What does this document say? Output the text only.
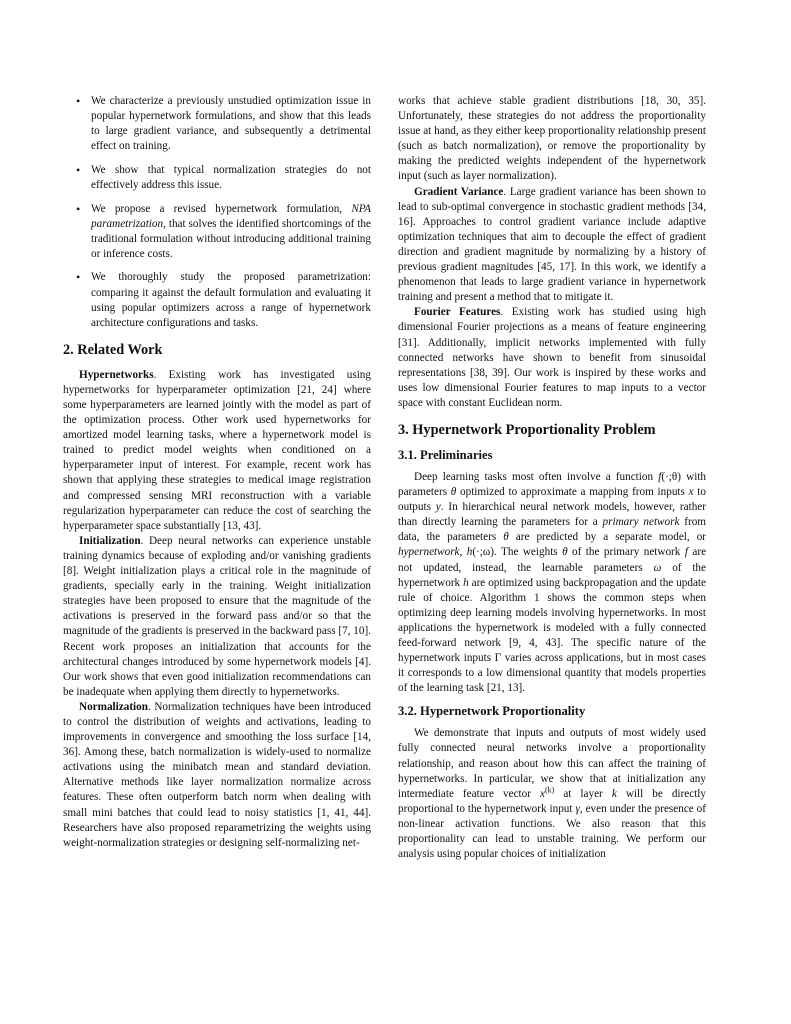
• We characterize a previously unstudied optimization issue in popular hypernetwork formulations, and show that this leads to large gradient variance, and subsequently a detrimental effect on training.
• We show that typical normalization strategies do not effectively address this issue.
• We propose a revised hypernetwork formulation, NPA parametrization, that solves the identified shortcomings of the traditional formulation without introducing additional training or inference costs.
• We thoroughly study the proposed parametrization: comparing it against the default formulation and evaluating it using popular optimizers across a range of hypernetwork architecture configurations and tasks.
2. Related Work

Hypernetworks. Existing work has investigated using hypernetworks for hyperparameter optimization [21, 24] where some hyperparameters are learned jointly with the model as part of the optimization process. Other work used hypernetworks for amortized model learning tasks, where a hypernetwork model is trained to predict model weights when conditioned on a hyperparameter input of interest. For example, recent work has shown that applying these strategies to medical image registration and compressed sensing MRI reconstruction with a variable regularization hyperparameter can reduce the cost of searching the hyperparameter space substantially [13, 43].

Initialization. Deep neural networks can experience unstable training dynamics because of exploding and/or vanishing gradients [8]. Weight initialization plays a critical role in the magnitude of gradients, specially early in the training. Weight initialization strategies have been proposed to ensure that the magnitude of the activations is preserved in the forward pass and/or so that the magnitude of the gradients is preserved in the backward pass [7, 10]. Recent work proposes an initialization that accounts for the architectural changes introduced by some hypernetwork models [4]. Our work shows that even good initialization recommendations can be inadequate when applying them directly to hypernetworks.

Normalization. Normalization techniques have been introduced to control the distribution of weights and activations, leading to improvements in convergence and smoothing the loss surface [14, 36]. Among these, batch normalization is widely-used to normalize activations using the minibatch mean and standard deviation. Alternative methods like layer normalization normalize across features. These often outperform batch norm when dealing with small mini batches that could lead to noisy statistics [1, 41, 44]. Researchers have also proposed reparametrizing the weights using weight-normalization strategies or designing self-normalizing net-

works that achieve stable gradient distributions [18, 30, 35]. Unfortunately, these strategies do not address the proportionality issue at hand, as they either keep proportionality relationship present (such as batch normalization), or remove the proportionality by making the predicted weights independent of the hypernetwork input (such as layer normalization).

Gradient Variance. Large gradient variance has been shown to lead to sub-optimal convergence in stochastic gradient methods [34, 16]. Approaches to control gradient variance include adaptive optimization techniques that aim to decouple the effect of gradient direction and gradient magnitude by normalizing by a history of previous gradient magnitudes [45, 17]. In this work, we identify a phenomenon that leads to large gradient variance in hypernetwork training and present a method that to mitigate it.

Fourier Features. Existing work has studied using high dimensional Fourier projections as a means of feature engineering [31]. Additionally, implicit networks implemented with fully connected networks have shown to benefit from sinusoidal representations [38, 39]. Our work is inspired by these works and uses low dimensional Fourier features to map inputs to a vector space with constant Euclidean norm.

3. Hypernetwork Proportionality Problem
3.1. Preliminaries

Deep learning tasks most often involve a function f(·;θ) with parameters θ optimized to approximate a mapping from inputs x to outputs y. In hierarchical neural network models, however, rather than directly learning the parameters for a primary network from data, the parameters θ are predicted by a separate model, or hypernetwork, h(·;ω). The weights θ of the primary network f are not updated, instead, the learnable parameters ω of the hypernetwork h are optimized using backpropagation and the update rule of choice. Algorithm 1 shows the common steps when optimizing deep learning models involving hypernetworks. In most applications the hypernetwork is modeled with a fully connected feed-forward network [9, 4, 43]. The specific nature of the hypernetwork inputs Γ varies across applications, but in most cases it corresponds to a low dimensional quantity that models properties of the learning task [21, 13].

3.2. Hypernetwork Proportionality

We demonstrate that inputs and outputs of most widely used fully connected neural networks involve a proportionality relationship, and reason about how this can affect the training of hypernetworks. In particular, we show that at initialization any intermediate feature vector $x^{(k)}$ at layer k will be directly proportional to the hypernetwork input γ, even under the presence of non-linear activation functions. We also reason that this proportionality can lead to unstable training. We perform our analysis using popular choices of initialization
